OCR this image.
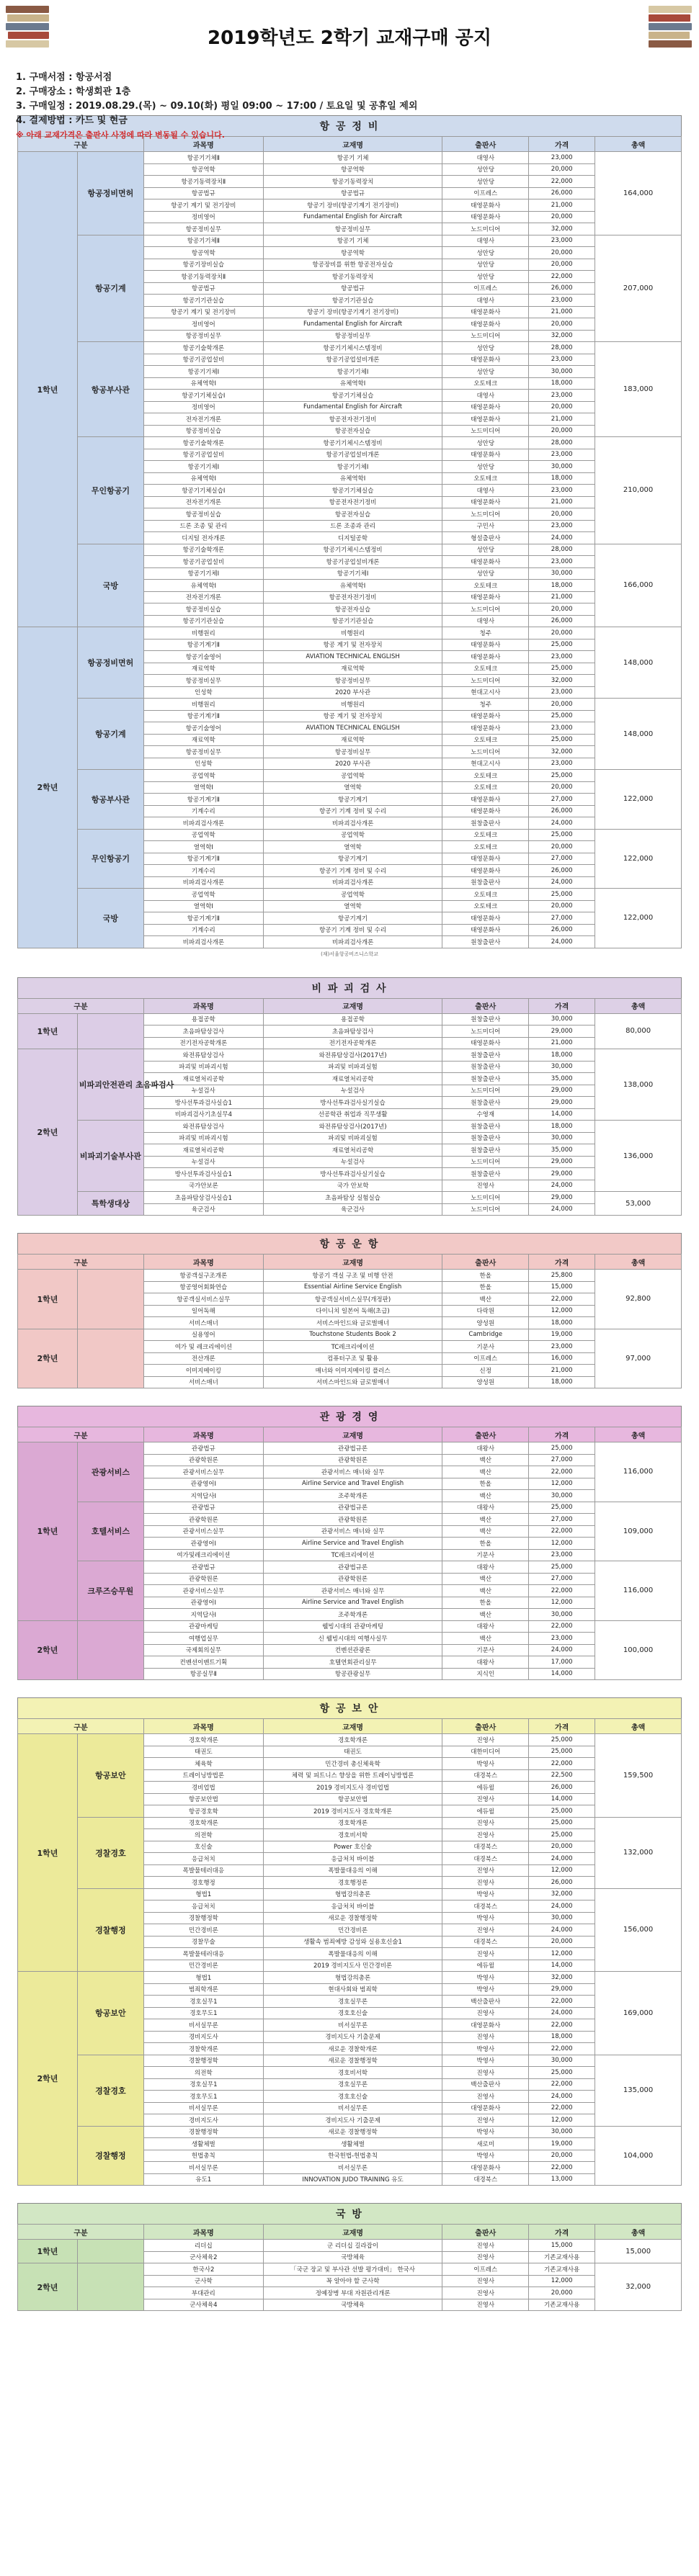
2019학년도 2학기 교재구매 공지
1. 구매서점 : 항공서점
2. 구매장소 : 학생회관 1층
3. 구매일정 : 2019.08.29.(목) ~ 09.10(화) 평일 09:00 ~ 17:00 / 토요일 및 공휴일 제외
4. 결제방법 : 카드 및 현금
※ 아래 교재가격은 출판사 사정에 따라 변동될 수 있습니다.
항 공 정 비
구분		과목명	교재명	출판사	가격	총액
1학년	항공정비면허	항공기기체Ⅱ	항공기 기체	대영사	23,000	164,000
		항공역학	항공역학	성안당	20,000	
		항공기동력장치Ⅱ	항공기동력장치	성안당	22,000	
		항공법규	항공법규	이프레스	26,000	
		항공기 계기 및 전기장비	항공기 장비(항공기계기 전기장비)	태영문화사	21,000	
		정비영어	Fundamental English for Aircraft	태영문화사	20,000	
		항공정비실무	항공정비실무	노드미디어	32,000	
	항공기계	항공기기체Ⅱ	항공기 기체	대영사	23,000	207,000
		항공역학	항공역학	성안당	20,000	
		항공기장비실습	항공장비를 위한 항공전자실습	성안당	20,000	
		항공기동력장치Ⅱ	항공기동력장치	성안당	22,000	
		항공법규	항공법규	이프레스	26,000	
		항공기기관실습	항공기기관실습	대영사	23,000	
		항공기 계기 및 전기장비	항공기 장비(항공기계기 전기장비)	태영문화사	21,000	
		정비영어	Fundamental English for Aircraft	태영문화사	20,000	
		항공정비실무	항공정비실무	노드미디어	32,000	
	항공부사관	항공기술학개론	항공기기체시스템정비	성안당	28,000	183,000
		항공기공업설비	항공기공업설비개론	태영문화사	23,000	
		항공기기체Ⅰ	항공기기체Ⅰ	성안당	30,000	
		유체역학Ⅰ	유체역학Ⅰ	오토테크	18,000	
		항공기기체실습Ⅰ	항공기기체실습	대영사	23,000	
		정비영어	Fundamental English for Aircraft	태영문화사	20,000	
		전자전기개론	항공전자전기정비	태영문화사	21,000	
		항공정비실습	항공전자실습	노드미디어	20,000	
	무인항공기	항공기술학개론	항공기기체시스템정비	성안당	28,000	210,000
		항공기공업설비	항공기공업설비개론	태영문화사	23,000	
		항공기기체Ⅰ	항공기기체Ⅰ	성안당	30,000	
		유체역학Ⅰ	유체역학Ⅰ	오토테크	18,000	
		항공기기체실습Ⅰ	항공기기체실습	대영사	23,000	
		전자전기개론	항공전자전기정비	태영문화사	21,000	
		항공정비실습	항공전자실습	노드미디어	20,000	
		드론 조종 및 관리	드론 조종과 관리	구민사	23,000	
		디지털 전자개론	디지털공학	형설출판사	24,000	
	국방	항공기술학개론	항공기기체시스템정비	성안당	28,000	166,000
		항공기공업설비	항공기공업설비개론	태영문화사	23,000	
		항공기기체Ⅰ	항공기기체Ⅰ	성안당	30,000	
		유체역학Ⅰ	유체역학Ⅰ	오토테크	18,000	
		전자전기개론	항공전자전기정비	태영문화사	21,000	
		항공정비실습	항공전자실습	노드미디어	20,000	
		항공기기관실습	항공기기관실습	대영사	26,000	
2학년	항공정비면허	비행원리	비행원리	청주	20,000	148,000
		항공기계기Ⅱ	항공 계기 및 전자장치	태영문화사	25,000	
		항공기술영어	AVIATION TECHNICAL ENGLISH	태영문화사	23,000	
		재료역학	재료역학	오토테크	25,000	
		항공정비실무	항공정비실무	노드미디어	32,000	
		인성학	2020 부사관	현대고시사	23,000	
	항공기계	비행원리	비행원리	청주	20,000	148,000
		항공기계기Ⅱ	항공 계기 및 전자장치	태영문화사	25,000	
		항공기술영어	AVIATION TECHNICAL ENGLISH	태영문화사	23,000	
		재료역학	재료역학	오토테크	25,000	
		항공정비실무	항공정비실무	노드미디어	32,000	
		인성학	2020 부사관	현대고시사	23,000	
	항공부사관	공업역학	공업역학	오토테크	25,000	122,000
		열역학Ⅰ	열역학	오토테크	20,000	
		항공기계기Ⅱ	항공기계기	태영문화사	27,000	
		기계수리	항공기 기계 정비 및 수리	태영문화사	26,000	
		비파괴검사개론	비파괴검사개론	원창출판사	24,000	
	무인항공기	공업역학	공업역학	오토테크	25,000	122,000
		열역학Ⅰ	열역학	오토테크	20,000	
		항공기계기Ⅱ	항공기계기	태영문화사	27,000	
		기계수리	항공기 기계 정비 및 수리	태영문화사	26,000	
		비파괴검사개론	비파괴검사개론	원창출판사	24,000	
	국방	공업역학	공업역학	오토테크	25,000	122,000
		열역학Ⅰ	열역학	오토테크	20,000	
		항공기계기Ⅱ	항공기계기	태영문화사	27,000	
		기계수리	항공기 기계 정비 및 수리	태영문화사	26,000	
		비파괴검사개론	비파괴검사개론	원창출판사	24,000	
(재)서울항공비즈니스학교
비 파 괴 검 사
구분		과목명	교재명	출판사	가격	총액
1학년		용접공학	용접공학	원창출판사	30,000	80,000
		초음파탐상검사	초음파탐상검사	노드미디어	29,000	
		전기전자공학개론	전기전자공학개론	태영문화사	21,000	
2학년	비파괴안전관리 초음파검사	와전류탐상검사	와전류탐상검사(2017년)	원창출판사	18,000	138,000
		파괴및 비파괴시험	파괴및 비파괴실험	원창출판사	30,000	
		재료열처리공학	재료열처리공학	원창출판사	35,000	
		누설검사	누설검사	노드미디어	29,000	
		방사선투과검사실습1	방사선투과검사실기실습	원창출판사	29,000	
		비파괴검사기초실무4	선공학관 취업과 직무생활	수영재	14,000	
	비파괴기술부사관	와전류탐상검사	와전류탐상검사(2017년)	원창출판사	18,000	136,000
		파괴및 비파괴시험	파괴및 비파괴실험	원창출판사	30,000	
		재료열처리공학	재료열처리공학	원창출판사	35,000	
		누설검사	누설검사	노드미디어	29,000	
		방사선투과검사실습1	방사선투과검사실기실습	원창출판사	29,000	
		국가안보론	국가 안보학	진영사	24,000	
	특학생대상	초음파탐상검사실습1	초음파탐상 실험실습	노드미디어	29,000	53,000
		육군검사	육군검사	노드미디어	24,000	
항 공 운 항
구분		과목명	교재명	출판사	가격	총액
1학년		항공객실구조개론	항공기 객실 구조 및 비행 안전	한올	25,800	92,800
		항공영어회화연습	Essential Airline Service English	한올	15,000	
		항공객실서비스실무	항공객실서비스실무(개정판)	백산	22,000	
		일어독해	다이니치 일본어 독해(초급)	다락원	12,000	
		서비스매너	서비스마인드와 글로벌매너	양성원	18,000	
2학년		실용영어	Touchstone Students Book 2	Cambridge	19,000	97,000
		여가 및 레크리에이션	TC레크리에이션	기문사	23,000	
		전산개론	컴퓨터구조 및 활용	이프레스	16,000	
		이미지메이킹	매너와 이미지메이킹 플러스	신정	21,000	
		서비스매너	서비스마인드와 글로벌매너	양성원	18,000	
관 광 경 영
구분		과목명	교재명	출판사	가격	총액
1학년	관광서비스	관광법규	관광법규론	대왕사	25,000	116,000
		관광학원론	관광학원론	백산	27,000	
		관광서비스실무	관광서비스 매너와 실무	백산	22,000	
		관광영어Ⅰ	Airline Service and Travel English	한올	12,000	
		지역답사Ⅰ	조주학개론	백산	30,000	
	호텔서비스	관광법규	관광법규론	대왕사	25,000	109,000
		관광학원론	관광학원론	백산	27,000	
		관광서비스실무	관광서비스 매너와 실무	백산	22,000	
		관광영어Ⅰ	Airline Service and Travel English	한올	12,000	
		여가및레크리에이션	TC레크리에이션	기문사	23,000	
	크루즈승무원	관광법규	관광법규론	대왕사	25,000	116,000
		관광학원론	관광학원론	백산	27,000	
		관광서비스실무	관광서비스 매너와 실무	백산	22,000	
		관광영어Ⅰ	Airline Service and Travel English	한올	12,000	
		지역답사Ⅰ	조주학개론	백산	30,000	
2학년		관광마케팅	웰빙시대의 관광마케팅	대왕사	22,000	100,000
		여행업실무	신 웰빙시대의 여행사실무	백산	23,000	
		국제회의실무	컨벤션관광론	기문사	24,000	
		컨벤션이벤트기획	호텔연회관리실무	대왕사	17,000	
		항공실무Ⅱ	항공관광실무	지식인	14,000	
항 공 보 안
구분		과목명	교재명	출판사	가격	총액
1학년	항공보안	경호학개론	경호학개론	진영사	25,000	159,500
		태권도	태권도	대한미디어	25,000	
		체육학	민간경비 총신체육학	박영사	22,000	
		트레이닝방법론	체력 및 피트니스 향상을 위한 트레이닝방법론	대경북스	22,500	
		경비업법	2019 경비지도사 경비업법	에듀윌	26,000	
		항공보안법	항공보안법	진영사	14,000	
		항공경호학	2019 경비지도사 경호학개론	에듀윌	25,000	
	경찰경호	경호학개론	경호학개론	진영사	25,000	132,000
		의전학	경호비서학	진영사	25,000	
		호신술	Power 호신술	대경북스	20,000	
		응급처치	응급처치 바이블	대경북스	24,000	
		폭발물테러대응	폭발물대응의 이해	진영사	12,000	
		경호행정	경호행정론	진영사	26,000	
	경찰행정	형법1	형법강의총론	박영사	32,000	156,000
		응급처치	응급처치 바이블	대경북스	24,000	
		경찰행정학	새로운 경찰행정학	박영사	30,000	
		민간경비론	민간경비론	진영사	24,000	
		경찰무술	생활속 범죄예방 감성와 실용호신술1	대경북스	20,000	
		폭발물테러대응	폭발물대응의 이해	진영사	12,000	
		민간경비론	2019 경비지도사 민간경비론	에듀윌	14,000	
2학년	항공보안	형법1	형법강의총론	박영사	32,000	169,000
		범죄학개론	현대사회와 범죄학	박영사	29,000	
		경호실무1	경호실무론	백산출판사	22,000	
		경호무도1	경호호신술	진영사	24,000	
		비서실무론	비서실무론	대영문화사	22,000	
		경비지도사	경비지도사 기출문제	진영사	18,000	
		경찰학개론	새로운 경찰학개론	박영사	22,000	
	경찰경호	경찰행정학	새로운 경찰행정학	박영사	30,000	135,000
		의전학	경호비서학	진영사	25,000	
		경호실무1	경호실무론	백산출판사	22,000	
		경호무도1	경호호신술	진영사	24,000	
		비서실무론	비서실무론	대영문화사	22,000	
		경비지도사	경비지도사 기출문제	진영사	12,000	
	경찰행정	경찰행정학	새로운 경찰행정학	박영사	30,000	104,000
		생활체벌	생활체벌	새로미	19,000	
		헌법총칙	한국헌법-헌법총칙	박영사	20,000	
		비서실무론	비서실무론	대영문화사	22,000	
		유도1	INNOVATION JUDO TRAINING 유도	대경북스	13,000	
국 방
구분		과목명	교재명	출판사	가격	총액
1학년		리더십	군 리더십 길라잡이	진영사	15,000	15,000
		군사체육2	국방체육	진영사	기존교재사용	
2학년		한국사2	「국군 장교 및 부사관 선발 평가대비」 한국사	이프레스	기존교재사용	32,000
		군사학	꼭 알아야 할 군사학	진영사	12,000	
		부대관리	정예장병 부대 자원관리개론	진영사	20,000	
		군사체육4	국방체육	진영사	기존교재사용	
